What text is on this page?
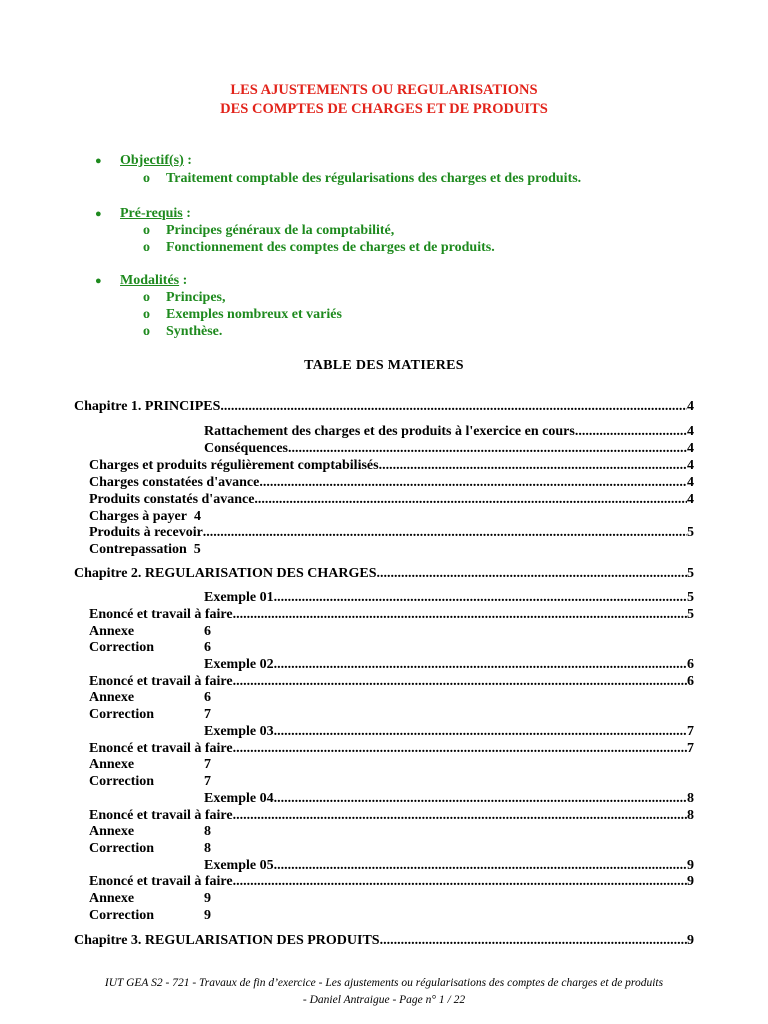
LES AJUSTEMENTS OU REGULARISATIONS
DES COMPTES DE CHARGES ET DE PRODUITS
● Objectif(s) :
o Traitement comptable des régularisations des charges et des produits.
● Pré-requis :
o Principes généraux de la comptabilité,
o Fonctionnement des comptes de charges et de produits.
● Modalités :
o Principes,
o Exemples nombreux et variés
o Synthèse.
TABLE DES MATIERES
Chapitre 1. PRINCIPES .....	4
Rattachement des charges et des produits à l'exercice en cours .....	4
Conséquences .....	4
Charges et produits régulièrement comptabilisés .....	4
Charges constatées d'avance .....	4
Produits constatés d'avance .....	4
Charges à payer 4
Produits à recevoir .....	5
Contrepassation 5
Chapitre 2. REGULARISATION DES CHARGES .....	5
Exemple 01 .....	5
Enoncé et travail à faire .....	5
Annexe	6
Correction	6
Exemple 02 .....	6
Enoncé et travail à faire .....	6
Annexe	6
Correction	7
Exemple 03 .....	7
Enoncé et travail à faire .....	7
Annexe	7
Correction	7
Exemple 04 .....	8
Enoncé et travail à faire .....	8
Annexe	8
Correction	8
Exemple 05 .....	9
Enoncé et travail à faire .....	9
Annexe	9
Correction	9
Chapitre 3. REGULARISATION DES PRODUITS .....	9
IUT GEA S2 - 721 - Travaux de fin d’exercice - Les ajustements ou régularisations des comptes de charges et de produits
- Daniel Antraigue - Page n° 1 / 22
